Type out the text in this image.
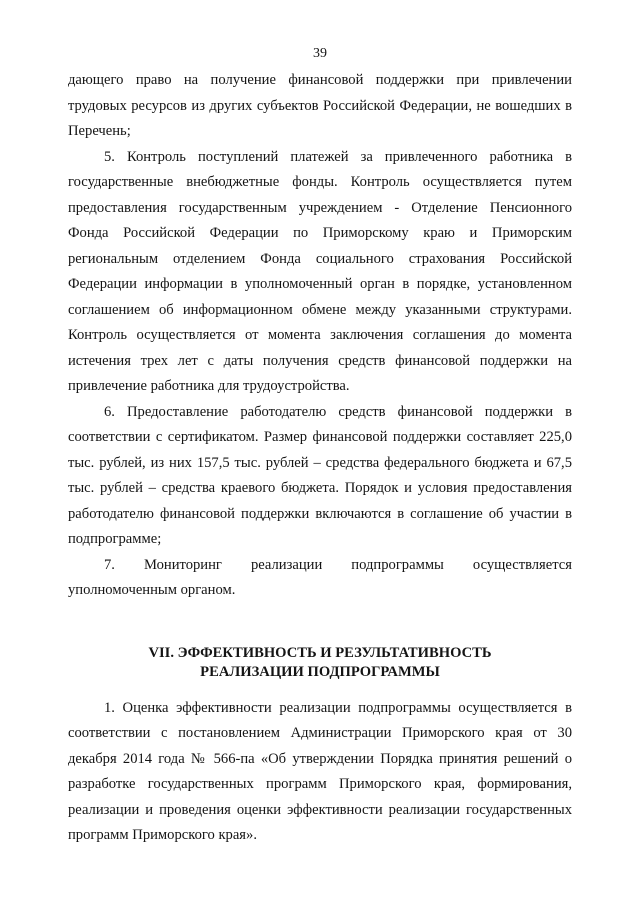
39

дающего право на получение финансовой поддержки при привлечении трудовых ресурсов из других субъектов Российской Федерации, не вошедших в Перечень;

5. Контроль поступлений платежей за привлеченного работника в государственные внебюджетные фонды. Контроль осуществляется путем предоставления государственным учреждением - Отделение Пенсионного Фонда Российской Федерации по Приморскому краю и Приморским региональным отделением Фонда социального страхования Российской Федерации информации в уполномоченный орган в порядке, установленном соглашением об информационном обмене между указанными структурами. Контроль осуществляется от момента заключения соглашения до момента истечения трех лет с даты получения средств финансовой поддержки на привлечение работника для трудоустройства.

6. Предоставление работодателю средств финансовой поддержки в соответствии с сертификатом. Размер финансовой поддержки составляет 225,0 тыс. рублей, из них 157,5 тыс. рублей – средства федерального бюджета и 67,5 тыс. рублей – средства краевого бюджета. Порядок и условия предоставления работодателю финансовой поддержки включаются в соглашение об участии в подпрограмме;

7. Мониторинг реализации подпрограммы осуществляется

уполномоченным органом.

VII. ЭФФЕКТИВНОСТЬ И РЕЗУЛЬТАТИВНОСТЬ
РЕАЛИЗАЦИИ ПОДПРОГРАММЫ

1. Оценка эффективности реализации подпрограммы осуществляется в соответствии с постановлением Администрации Приморского края от 30 декабря 2014 года № 566-па «Об утверждении Порядка принятия решений о разработке государственных программ Приморского края, формирования, реализации и проведения оценки эффективности реализации государственных программ Приморского края».
